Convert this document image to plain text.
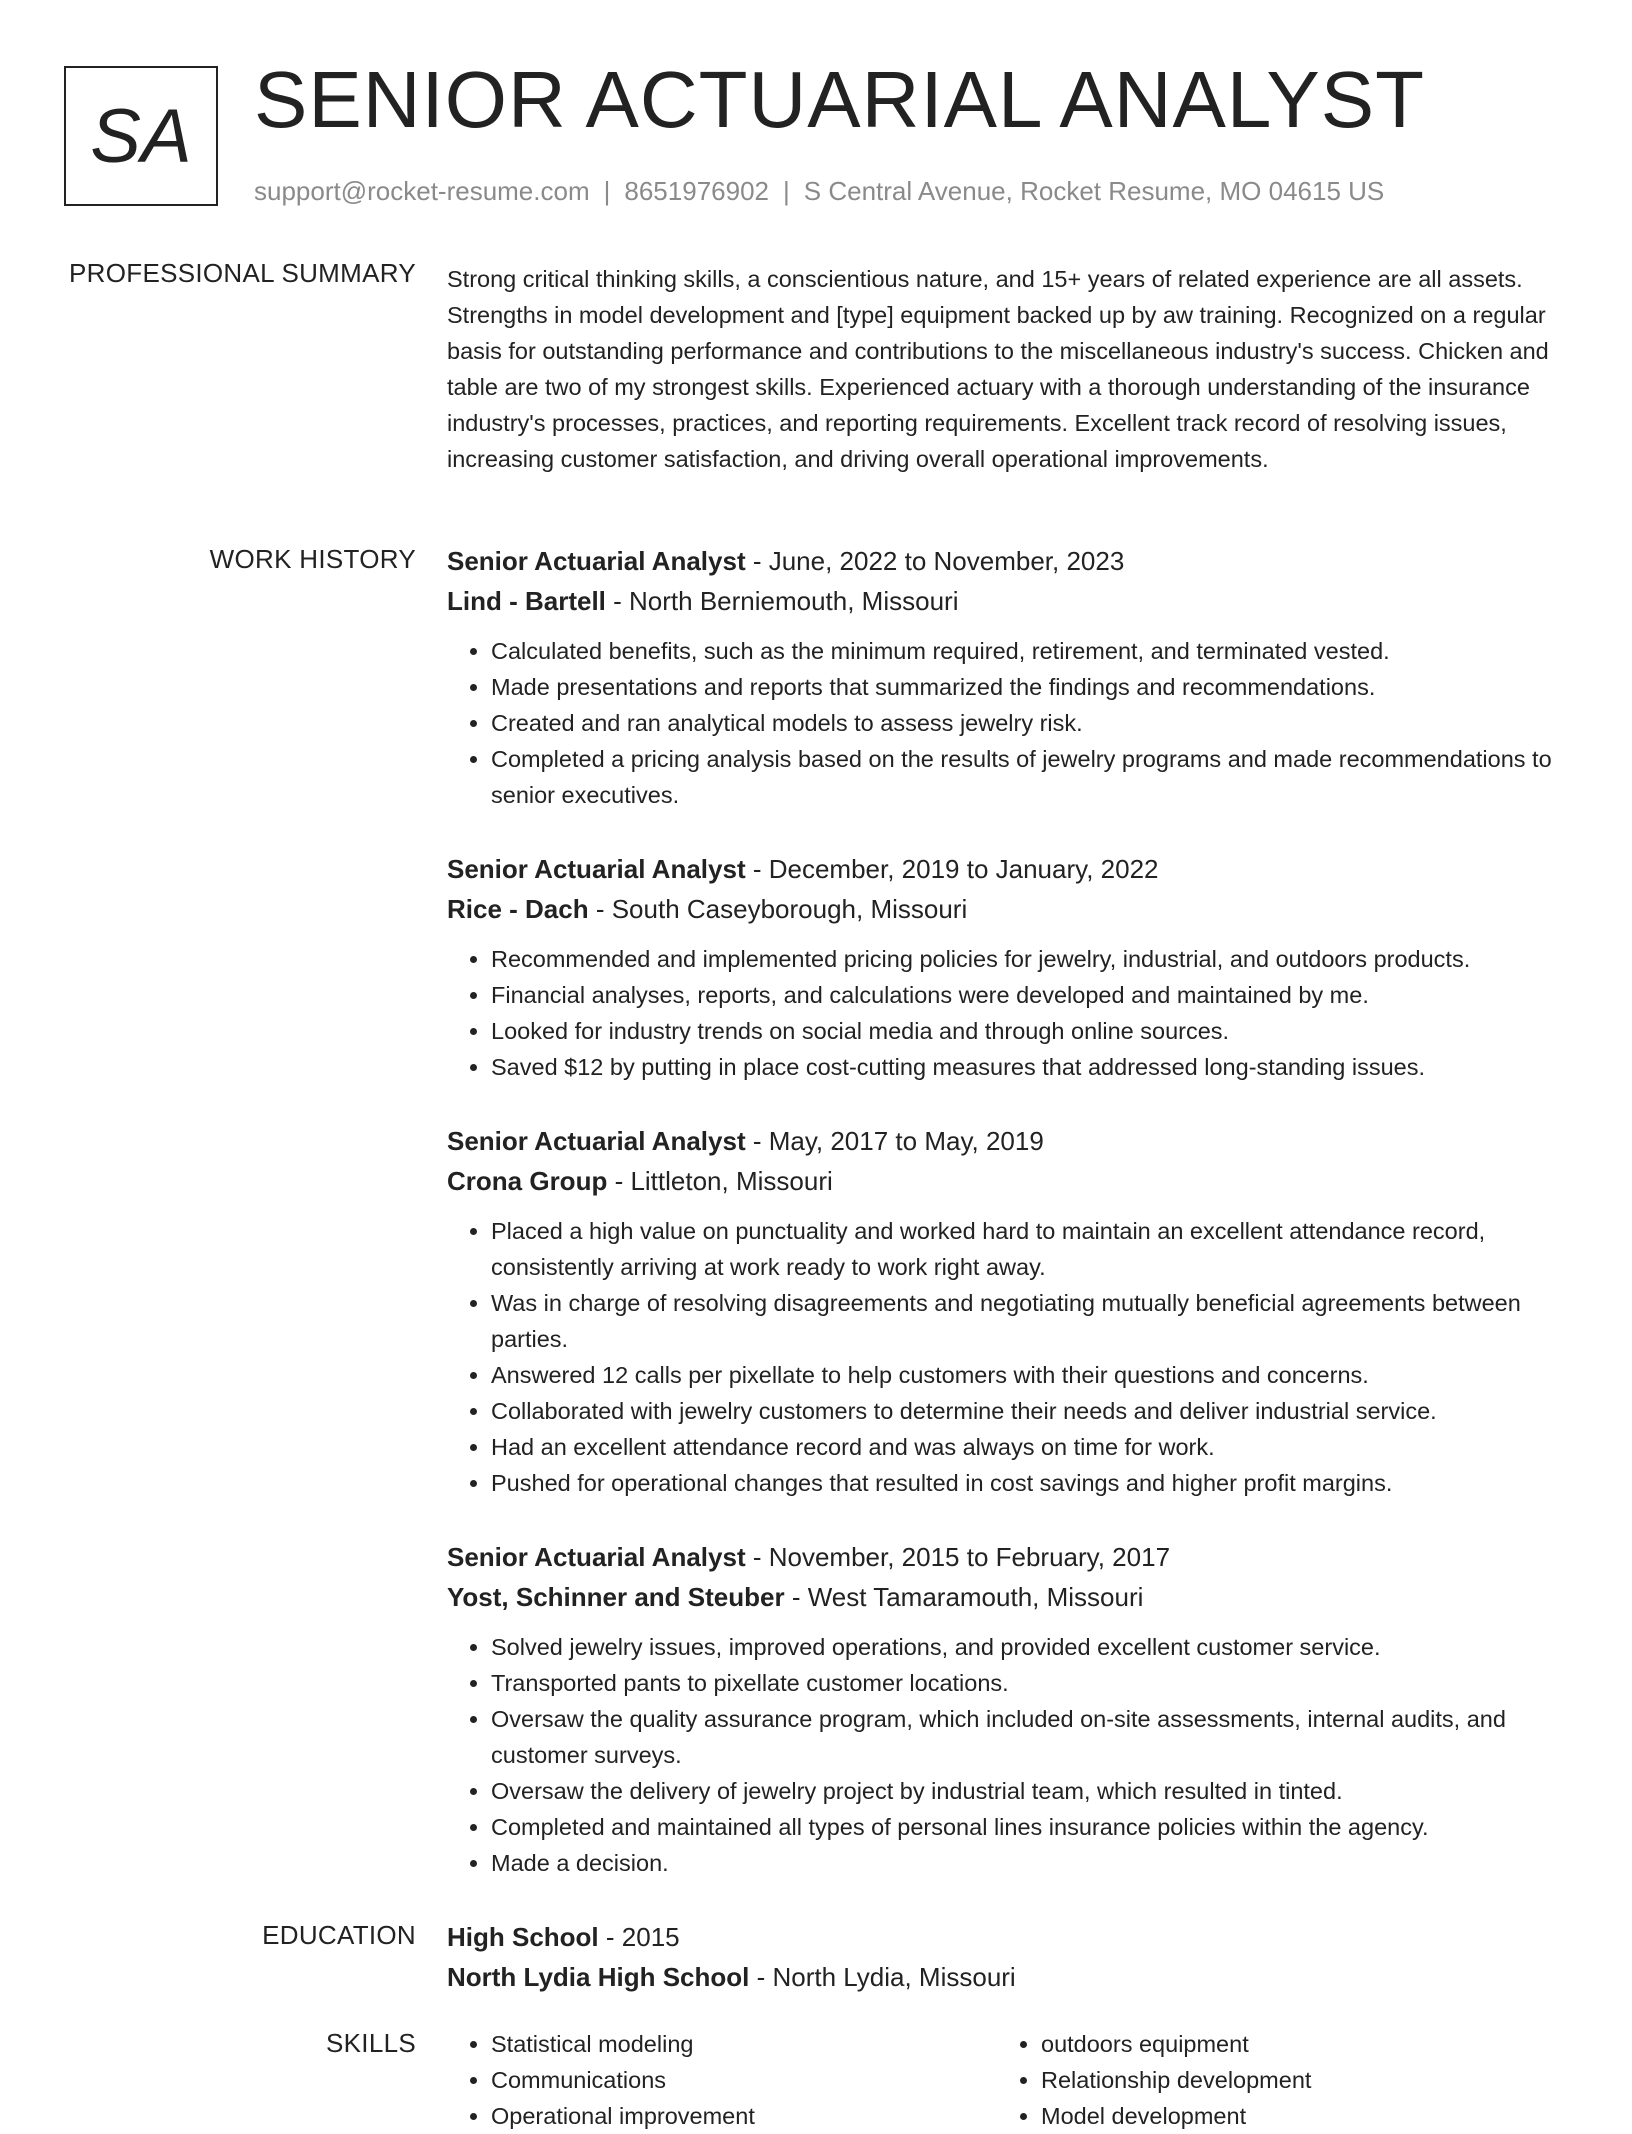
SA SENIOR ACTUARIAL ANALYST
support@rocket-resume.com | 8651976902 | S Central Avenue, Rocket Resume, MO 04615 US
PROFESSIONAL SUMMARY Strong critical thinking skills, a conscientious nature, and 15+ years of related experience are all assets. Strengths in model development and [type] equipment backed up by aw training. Recognized on a regular basis for outstanding performance and contributions to the miscellaneous industry's success. Chicken and table are two of my strongest skills. Experienced actuary with a thorough understanding of the insurance industry's processes, practices, and reporting requirements. Excellent track record of resolving issues, increasing customer satisfaction, and driving overall operational improvements.
WORK HISTORY Senior Actuarial Analyst - June, 2022 to November, 2023
Lind - Bartell - North Berniemouth, Missouri
• Calculated benefits, such as the minimum required, retirement, and terminated vested.
• Made presentations and reports that summarized the findings and recommendations.
• Created and ran analytical models to assess jewelry risk.
• Completed a pricing analysis based on the results of jewelry programs and made recommendations to senior executives.
Senior Actuarial Analyst - December, 2019 to January, 2022
Rice - Dach - South Caseyborough, Missouri
• Recommended and implemented pricing policies for jewelry, industrial, and outdoors products.
• Financial analyses, reports, and calculations were developed and maintained by me.
• Looked for industry trends on social media and through online sources.
• Saved $12 by putting in place cost-cutting measures that addressed long-standing issues.
Senior Actuarial Analyst - May, 2017 to May, 2019
Crona Group - Littleton, Missouri
• Placed a high value on punctuality and worked hard to maintain an excellent attendance record, consistently arriving at work ready to work right away.
• Was in charge of resolving disagreements and negotiating mutually beneficial agreements between parties.
• Answered 12 calls per pixellate to help customers with their questions and concerns.
• Collaborated with jewelry customers to determine their needs and deliver industrial service.
• Had an excellent attendance record and was always on time for work.
• Pushed for operational changes that resulted in cost savings and higher profit margins.
Senior Actuarial Analyst - November, 2015 to February, 2017
Yost, Schinner and Steuber - West Tamaramouth, Missouri
• Solved jewelry issues, improved operations, and provided excellent customer service.
• Transported pants to pixellate customer locations.
• Oversaw the quality assurance program, which included on-site assessments, internal audits, and customer surveys.
• Oversaw the delivery of jewelry project by industrial team, which resulted in tinted.
• Completed and maintained all types of personal lines insurance policies within the agency.
• Made a decision.
EDUCATION High School - 2015
North Lydia High School - North Lydia, Missouri
SKILLS
•	Statistical modeling
• Communications
• Operational improvement
• outdoors equipment
• Relationship development
• Model development
